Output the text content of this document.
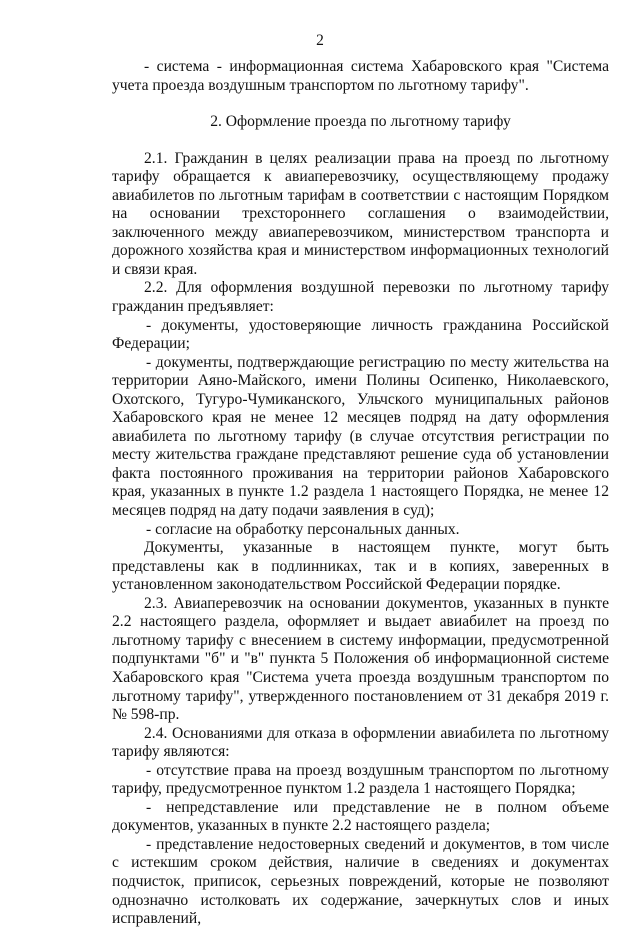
2

- система - информационная система Хабаровского края "Система учета проезда воздушным транспортом по льготному тарифу".

2. Оформление проезда по льготному тарифу

2.1. Гражданин в целях реализации права на проезд по льготному тарифу обращается к авиаперевозчику, осуществляющему продажу авиабилетов по льготным тарифам в соответствии с настоящим Порядком на основании трехстороннего соглашения о взаимодействии, заключенного между авиаперевозчиком, министерством транспорта и дорожного хозяйства края и министерством информационных технологий и связи края.

2.2. Для оформления воздушной перевозки по льготному тарифу гражданин предъявляет:

- документы, удостоверяющие личность гражданина Российской Федерации;

- документы, подтверждающие регистрацию по месту жительства на территории Аяно-Майского, имени Полины Осипенко, Николаевского, Охотского, Тугуро-Чумиканского, Ульчского муниципальных районов Хабаровского края не менее 12 месяцев подряд на дату оформления авиабилета по льготному тарифу (в случае отсутствия регистрации по месту жительства граждане представляют решение суда об установлении факта постоянного проживания на территории районов Хабаровского края, указанных в пункте 1.2 раздела 1 настоящего Порядка, не менее 12 месяцев подряд на дату подачи заявления в суд);

- согласие на обработку персональных данных.

Документы, указанные в настоящем пункте, могут быть представлены как в подлинниках, так и в копиях, заверенных в установленном законодательством Российской Федерации порядке.

2.3. Авиаперевозчик на основании документов, указанных в пункте 2.2 настоящего раздела, оформляет и выдает авиабилет на проезд по льготному тарифу с внесением в систему информации, предусмотренной подпунктами "б" и "в" пункта 5 Положения об информационной системе Хабаровского края "Система учета проезда воздушным транспортом по льготному тарифу", утвержденного постановлением от 31 декабря 2019 г. № 598-пр.

2.4. Основаниями для отказа в оформлении авиабилета по льготному тарифу являются:

- отсутствие права на проезд воздушным транспортом по льготному тарифу, предусмотренное пунктом 1.2 раздела 1 настоящего Порядка;

- непредставление или представление не в полном объеме документов, указанных в пункте 2.2 настоящего раздела;

- представление недостоверных сведений и документов, в том числе с истекшим сроком действия, наличие в сведениях и документах подчисток, приписок, серьезных повреждений, которые не позволяют однозначно истолковать их содержание, зачеркнутых слов и иных исправлений,
